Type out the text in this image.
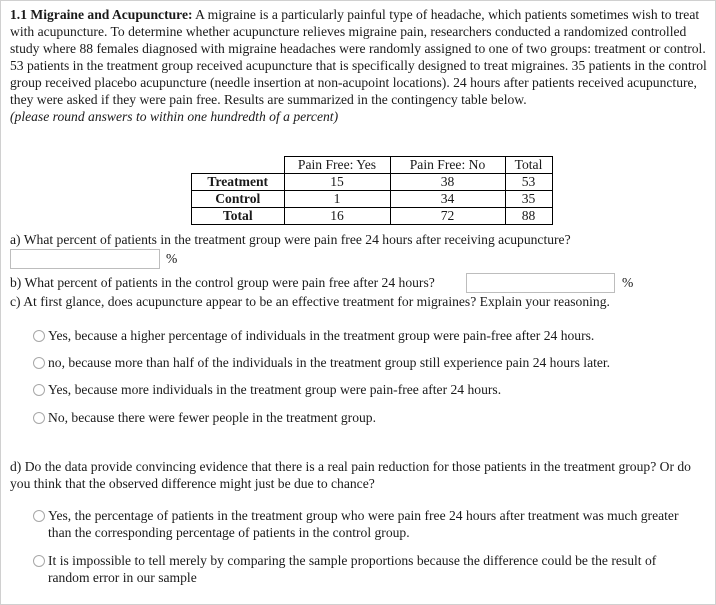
1.1 Migraine and Acupuncture: A migraine is a particularly painful type of headache, which patients sometimes wish to treat with acupuncture. To determine whether acupuncture relieves migraine pain, researchers conducted a randomized controlled study where 88 females diagnosed with migraine headaches were randomly assigned to one of two groups: treatment or control. 53 patients in the treatment group received acupuncture that is specifically designed to treat migraines. 35 patients in the control group received placebo acupuncture (needle insertion at non-acupoint locations). 24 hours after patients received acupuncture, they were asked if they were pain free. Results are summarized in the contingency table below.
(please round answers to within one hundredth of a percent)
	Pain Free: Yes	Pain Free: No	Total
Treatment	15	38	53
Control	1	34	35
Total	16	72	88
a) What percent of patients in the treatment group were pain free 24 hours after receiving acupuncture?
%
b) What percent of patients in the control group were pain free after 24 hours?	%
c) At first glance, does acupuncture appear to be an effective treatment for migraines? Explain your reasoning.
Yes, because a higher percentage of individuals in the treatment group were pain-free after 24 hours.
no, because more than half of the individuals in the treatment group still experience pain 24 hours later.
Yes, because more individuals in the treatment group were pain-free after 24 hours.
No, because there were fewer people in the treatment group.
d) Do the data provide convincing evidence that there is a real pain reduction for those patients in the treatment group? Or do you think that the observed difference might just be due to chance?
Yes, the percentage of patients in the treatment group who were pain free 24 hours after treatment was much greater than the corresponding percentage of patients in the control group.
It is impossible to tell merely by comparing the sample proportions because the difference could be the result of random error in our sample
